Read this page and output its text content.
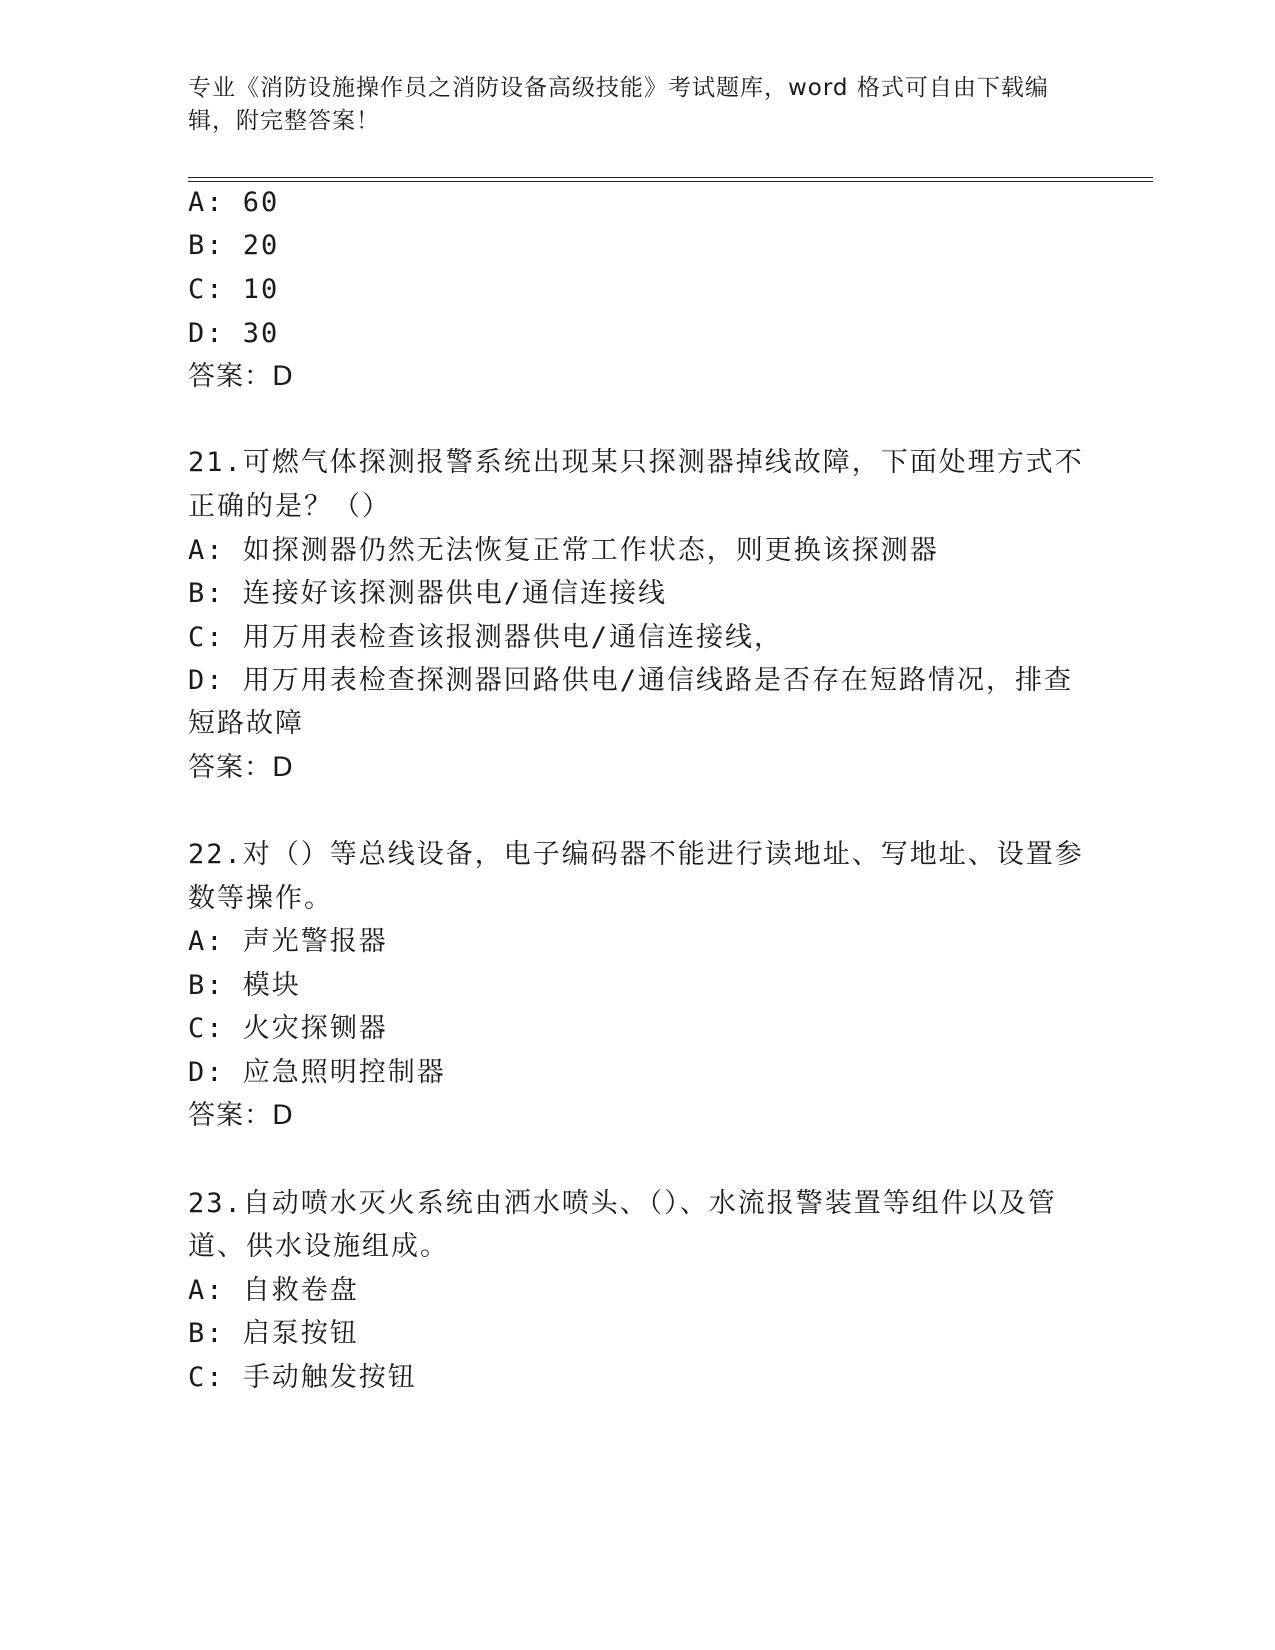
专业《消防设施操作员之消防设备高级技能》考试题库，word 格式可自由下载编辑，附完整答案！
A: 60
B: 20
C: 10
D: 30
答案：D
21.可燃气体探测报警系统出现某只探测器掉线故障，下面处理方式不
正确的是？（）
A: 如探测器仍然无法恢复正常工作状态，则更换该探测器
B: 连接好该探测器供电/通信连接线
C: 用万用表检查该报测器供电/通信连接线，
D: 用万用表检查探测器回路供电/通信线路是否存在短路情况，排查
短路故障
答案：D
22.对（）等总线设备，电子编码器不能进行读地址、写地址、设置参
数等操作。
A: 声光警报器
B: 模块
C: 火灾探铡器
D: 应急照明控制器
答案：D
23.自动喷水灭火系统由洒水喷头、（）、水流报警装置等组件以及管
道、供水设施组成。
A: 自救卷盘
B: 启泵按钮
C: 手动触发按钮
